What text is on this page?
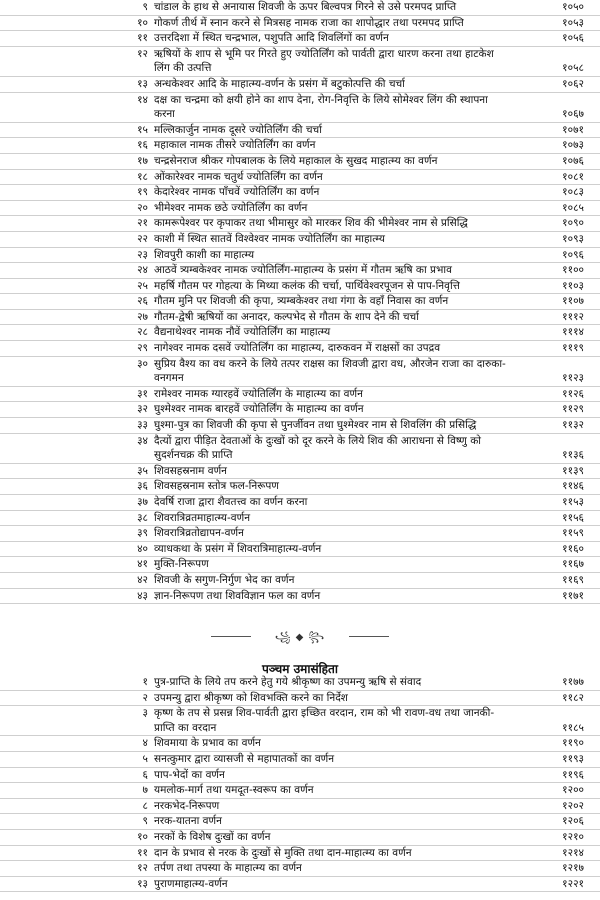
९ चांडाल के हाथ से अनायास शिवजी के ऊपर बिल्वपत्र गिरने से उसे परमपद प्राप्ति	१०५०
१० गोकर्ण तीर्थ में स्नान करने से मित्रसह नामक राजा का शापोद्धार तथा परमपद प्राप्ति	१०५३
११ उत्तरदिशा में स्थित चन्द्रभाल, पशुपति आदि शिवलिंगों का वर्णन	१०५६
१२ ऋषियों के शाप से भूमि पर गिरते हुए ज्योतिर्लिंग को पार्वती द्वारा धारण करना तथा हाटकेश लिंग की उत्पत्ति	१०५८
१३ अन्धकेश्वर आदि के माहात्म्य-वर्णन के प्रसंग में बटुकोत्पत्ति की चर्चा	१०६२
१४ दक्ष का चन्द्रमा को क्षयी होने का शाप देना, रोग-निवृत्ति के लिये सोमेश्वर लिंग की स्थापना करना	१०६७
१५ मल्लिकार्जुन नामक दूसरे ज्योतिर्लिंग की चर्चा	१०७१
१६ महाकाल नामक तीसरे ज्योतिर्लिंग का वर्णन	१०७३
१७ चन्द्रसेनराज श्रीकर गोपबालक के लिये महाकाल के सुखद माहात्म्य का वर्णन	१०७६
१८ ओंकारेश्वर नामक चतुर्थ ज्योतिर्लिंग का वर्णन	१०८१
१९ केदारेश्वर नामक पाँचवें ज्योतिर्लिंग का वर्णन	१०८३
२० भीमेश्वर नामक छठे ज्योतिर्लिंग का वर्णन	१०८५
२१ कामरूपेश्वर पर कृपाकर तथा भीमासुर को मारकर शिव की भीमेश्वर नाम से प्रसिद्धि	१०९०
२२ काशी में स्थित सातवें विश्वेश्वर नामक ज्योतिर्लिंग का माहात्म्य	१०९३
२३ शिवपुरी काशी का माहात्म्य	१०९६
२४ आठवें त्र्यम्बकेश्वर नामक ज्योतिर्लिंग-माहात्म्य के प्रसंग में गौतम ऋषि का प्रभाव	११००
२५ महर्षि गौतम पर गोहत्या के मिथ्या कलंक की चर्चा, पार्थिवेश्वरपूजन से पाप-निवृत्ति	११०३
२६ गौतम मुनि पर शिवजी की कृपा, त्र्यम्बकेश्वर तथा गंगा के वहाँ निवास का वर्णन	११०७
२७ गौतम-द्वेषी ऋषियों का अनादर, कल्पभेद से गौतम के शाप देने की चर्चा	१११२
२८ वैद्यनाथेश्वर नामक नौवें ज्योतिर्लिंग का माहात्म्य	१११४
२९ नागेश्वर नामक दसवें ज्योतिर्लिंग का माहात्म्य, दारुकवन में राक्षसों का उपद्रव	१११९
३० सुप्रिय वैश्य का वध करने के लिये तत्पर राक्षस का शिवजी द्वारा वध, औरजेन राजा का दारुका-वनगमन	११२३
३१ रामेश्वर नामक ग्यारहवें ज्योतिर्लिंग के माहात्म्य का वर्णन	११२६
३२ घुश्मेश्वर नामक बारहवें ज्योतिर्लिंग के माहात्म्य का वर्णन	११२९
३३ घुश्मा-पुत्र का शिवजी की कृपा से पुनर्जीवन तथा घुश्मेश्वर नाम से शिवलिंग की प्रसिद्धि	११३२
३४ दैत्यों द्वारा पीड़ित देवताओं के दुःखों को दूर करने के लिये शिव की आराधना से विष्णु को सुदर्शनचक्र की प्राप्ति	११३६
३५ शिवसहस्रनाम वर्णन	११३९
३६ शिवसहस्रनाम स्तोत्र फल-निरूपण	११४६
३७ देवर्षि राजा द्वारा शैवतत्त्व का वर्णन करना	११५३
३८ शिवरात्रिव्रतमाहात्म्य-वर्णन	११५६
३९ शिवरात्रिव्रतोद्यापन-वर्णन	११५९
४० व्याधकथा के प्रसंग में शिवरात्रिमाहात्म्य-वर्णन	११६०
४१ मुक्ति-निरूपण	११६७
४२ शिवजी के सगुण-निर्गुण भेद का वर्णन	११६९
४३ ज्ञान-निरूपण तथा शिवविज्ञान फल का वर्णन	११७१
꧁ ◆ ꧂
पञ्चम उमासंहिता
१ पुत्र-प्राप्ति के लिये तप करने हेतु गये श्रीकृष्ण का उपमन्यु ऋषि से संवाद	११७७
२ उपमन्यु द्वारा श्रीकृष्ण को शिवभक्ति करने का निर्देश	११८२
३ कृष्ण के तप से प्रसन्न शिव-पार्वती द्वारा इच्छित वरदान, राम को भी रावण-वध तथा जानकी-प्राप्ति का वरदान	११८५
४ शिवमाया के प्रभाव का वर्णन	११९०
५ सनत्कुमार द्वारा व्यासजी से महापातकों का वर्णन	११९३
६ पाप-भेदों का वर्णन	११९६
७ यमलोक-मार्ग तथा यमदूत-स्वरूप का वर्णन	१२००
८ नरकभेद-निरूपण	१२०२
९ नरक-यातना वर्णन	१२०६
१० नरकों के विशेष दुःखों का वर्णन	१२१०
११ दान के प्रभाव से नरक के दुःखों से मुक्ति तथा दान-माहात्म्य का वर्णन	१२१४
१२ तर्पण तथा तपस्या के माहात्म्य का वर्णन	१२१७
१३ पुराणमाहात्म्य-वर्णन	१२२१
